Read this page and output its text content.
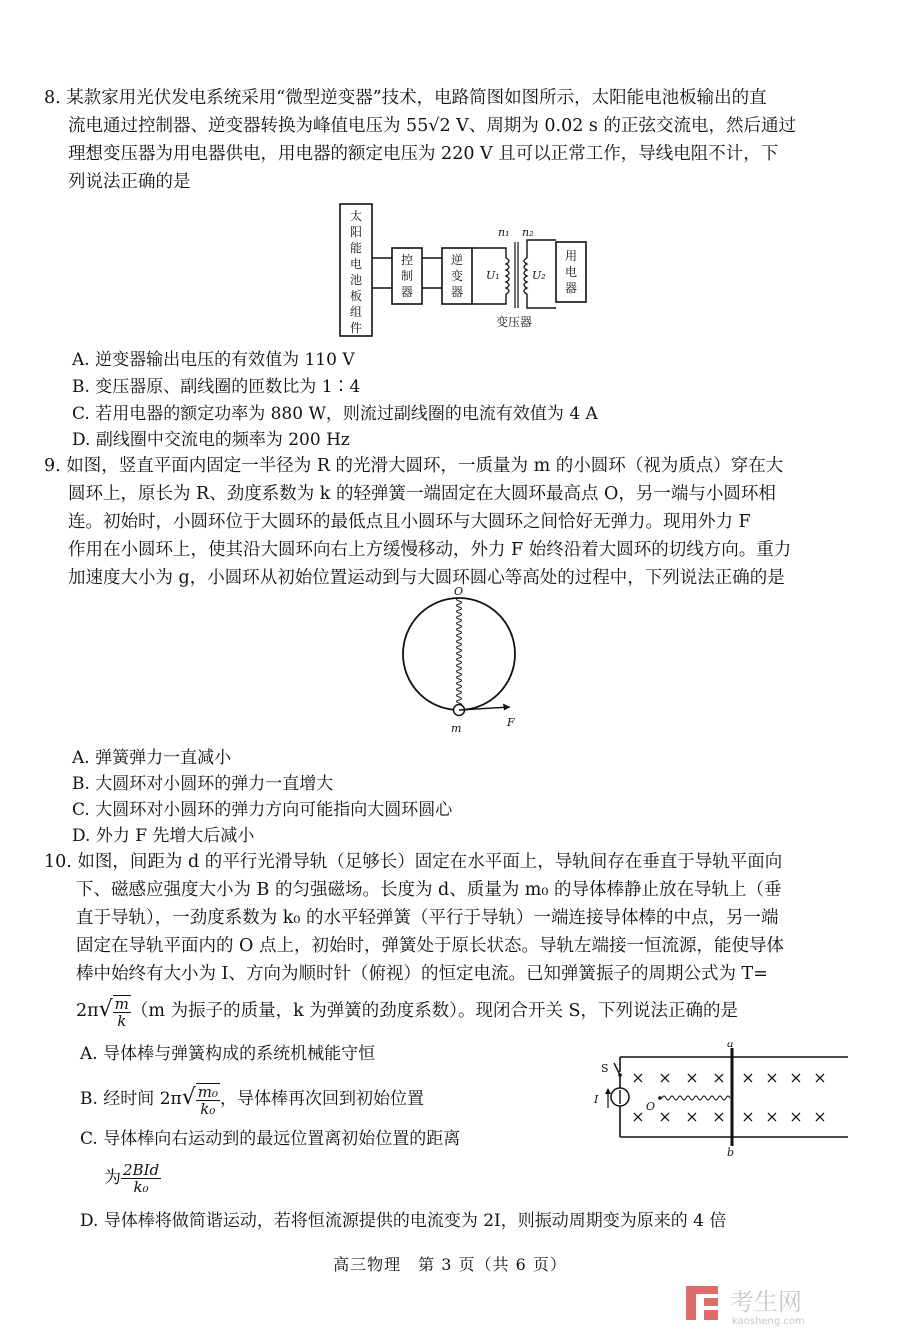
8. 某款家用光伏发电系统采用“微型逆变器”技术，电路简图如图所示，太阳能电池板输出的直

流电通过控制器、逆变器转换为峰值电压为 55√2 V、周期为 0.02 s 的正弦交流电，然后通过

理想变压器为用电器供电，用电器的额定电压为 220 V 且可以正常工作，导线电阻不计，下

列说法正确的是

太
阳
能
电
池
板
组
件
控
制
器
逆
变
器
用
电
器
n₁ n₂
U₁	U₂
变压器
A. 逆变器输出电压的有效值为 110 V
B. 变压器原、副线圈的匝数比为 1∶4
C. 若用电器的额定功率为 880 W，则流过副线圈的电流有效值为 4 A
D. 副线圈中交流电的频率为 200 Hz

9. 如图，竖直平面内固定一半径为 R 的光滑大圆环，一质量为 m 的小圆环（视为质点）穿在大

圆环上，原长为 R、劲度系数为 k 的轻弹簧一端固定在大圆环最高点 O，另一端与小圆环相

连。初始时，小圆环位于大圆环的最低点且小圆环与大圆环之间恰好无弹力。现用外力 F

作用在小圆环上，使其沿大圆环向右上方缓慢移动，外力 F 始终沿着大圆环的切线方向。重力

加速度大小为 g，小圆环从初始位置运动到与大圆环圆心等高处的过程中，下列说法正确的是

O
m	F
A. 弹簧弹力一直减小
B. 大圆环对小圆环的弹力一直增大
C. 大圆环对小圆环的弹力方向可能指向大圆环圆心
D. 外力 F 先增大后减小

10. 如图，间距为 d 的平行光滑导轨（足够长）固定在水平面上，导轨间存在垂直于导轨平面向

下、磁感应强度大小为 B 的匀强磁场。长度为 d、质量为 m₀ 的导体棒静止放在导轨上（垂

直于导轨），一劲度系数为 k₀ 的水平轻弹簧（平行于导轨）一端连接导体棒的中点，另一端

固定在导轨平面内的 O 点上，初始时，弹簧处于原长状态。导轨左端接一恒流源，能使导体

棒中始终有大小为 I、方向为顺时针（俯视）的恒定电流。已知弹簧振子的周期公式为 T=

$2\pi√ \frac{m}{k} (m$ 为振子的质量，k 为弹簧的劲度系数）。现闭合开关 S，下列说法正确的是
A. 导体棒与弹簧构成的系统机械能守恒
B. 经时间 $2\pi√ \frac{\text{m₀}}{\text{k₀}}$ ，导体棒再次回到初始位置
C. 导体棒向右运动到的最远位置离初始位置的距离
为 $\frac{\text{2BId}}{\text{k₀}}$
D. 导体棒将做简谐运动，若将恒流源提供的电流变为 2I，则振动周期变为原来的 4 倍
× × × × × × × ×
× × × × × × × ×
S
I
O
a
b
高三物理　第 3 页（共 6 页）
考生网
kaosheng.com
